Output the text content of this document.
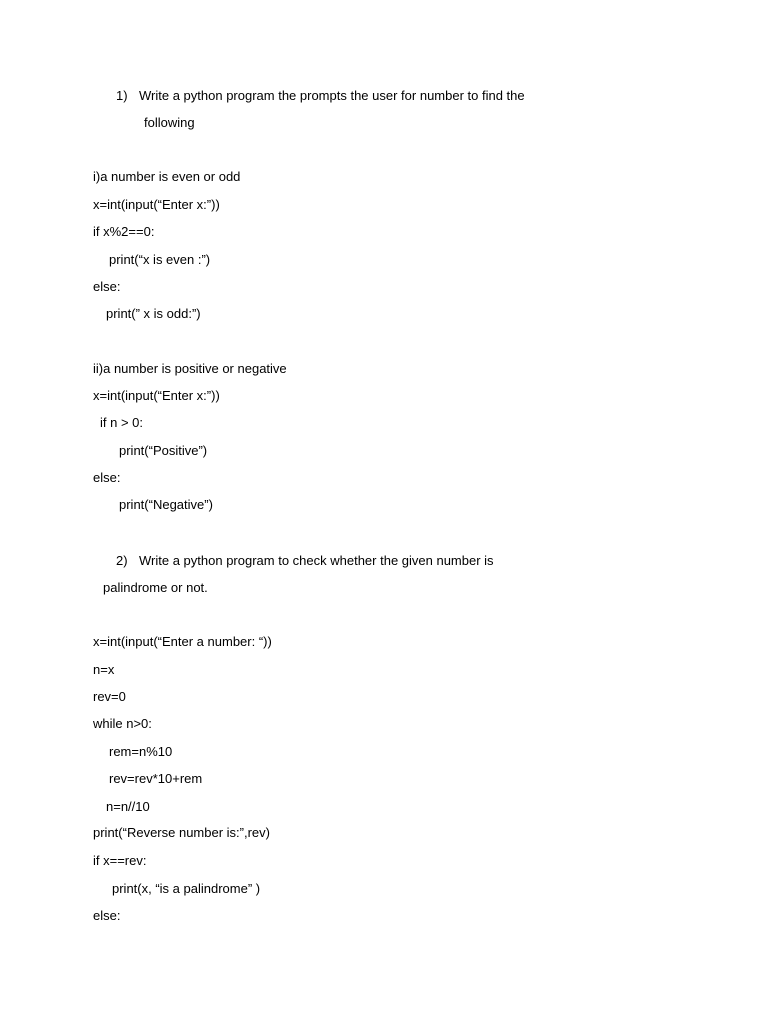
1) Write a python program the prompts the user for number to find the
following
i)a number is even or odd
x=int(input(“Enter x:”))
if x%2==0:
print(“x is even :”)
else:
print(” x is odd:”)
ii)a number is positive or negative
x=int(input(“Enter x:”))
if n > 0:
print(“Positive”)
else:
print(“Negative”)
2) Write a python program to check whether the given number is
palindrome or not.
x=int(input(“Enter a number: “))
n=x
rev=0
while n>0:
rem=n%10
rev=rev*10+rem
n=n//10
print(“Reverse number is:”,rev)
if x==rev:
print(x, “is a palindrome” )
else:
